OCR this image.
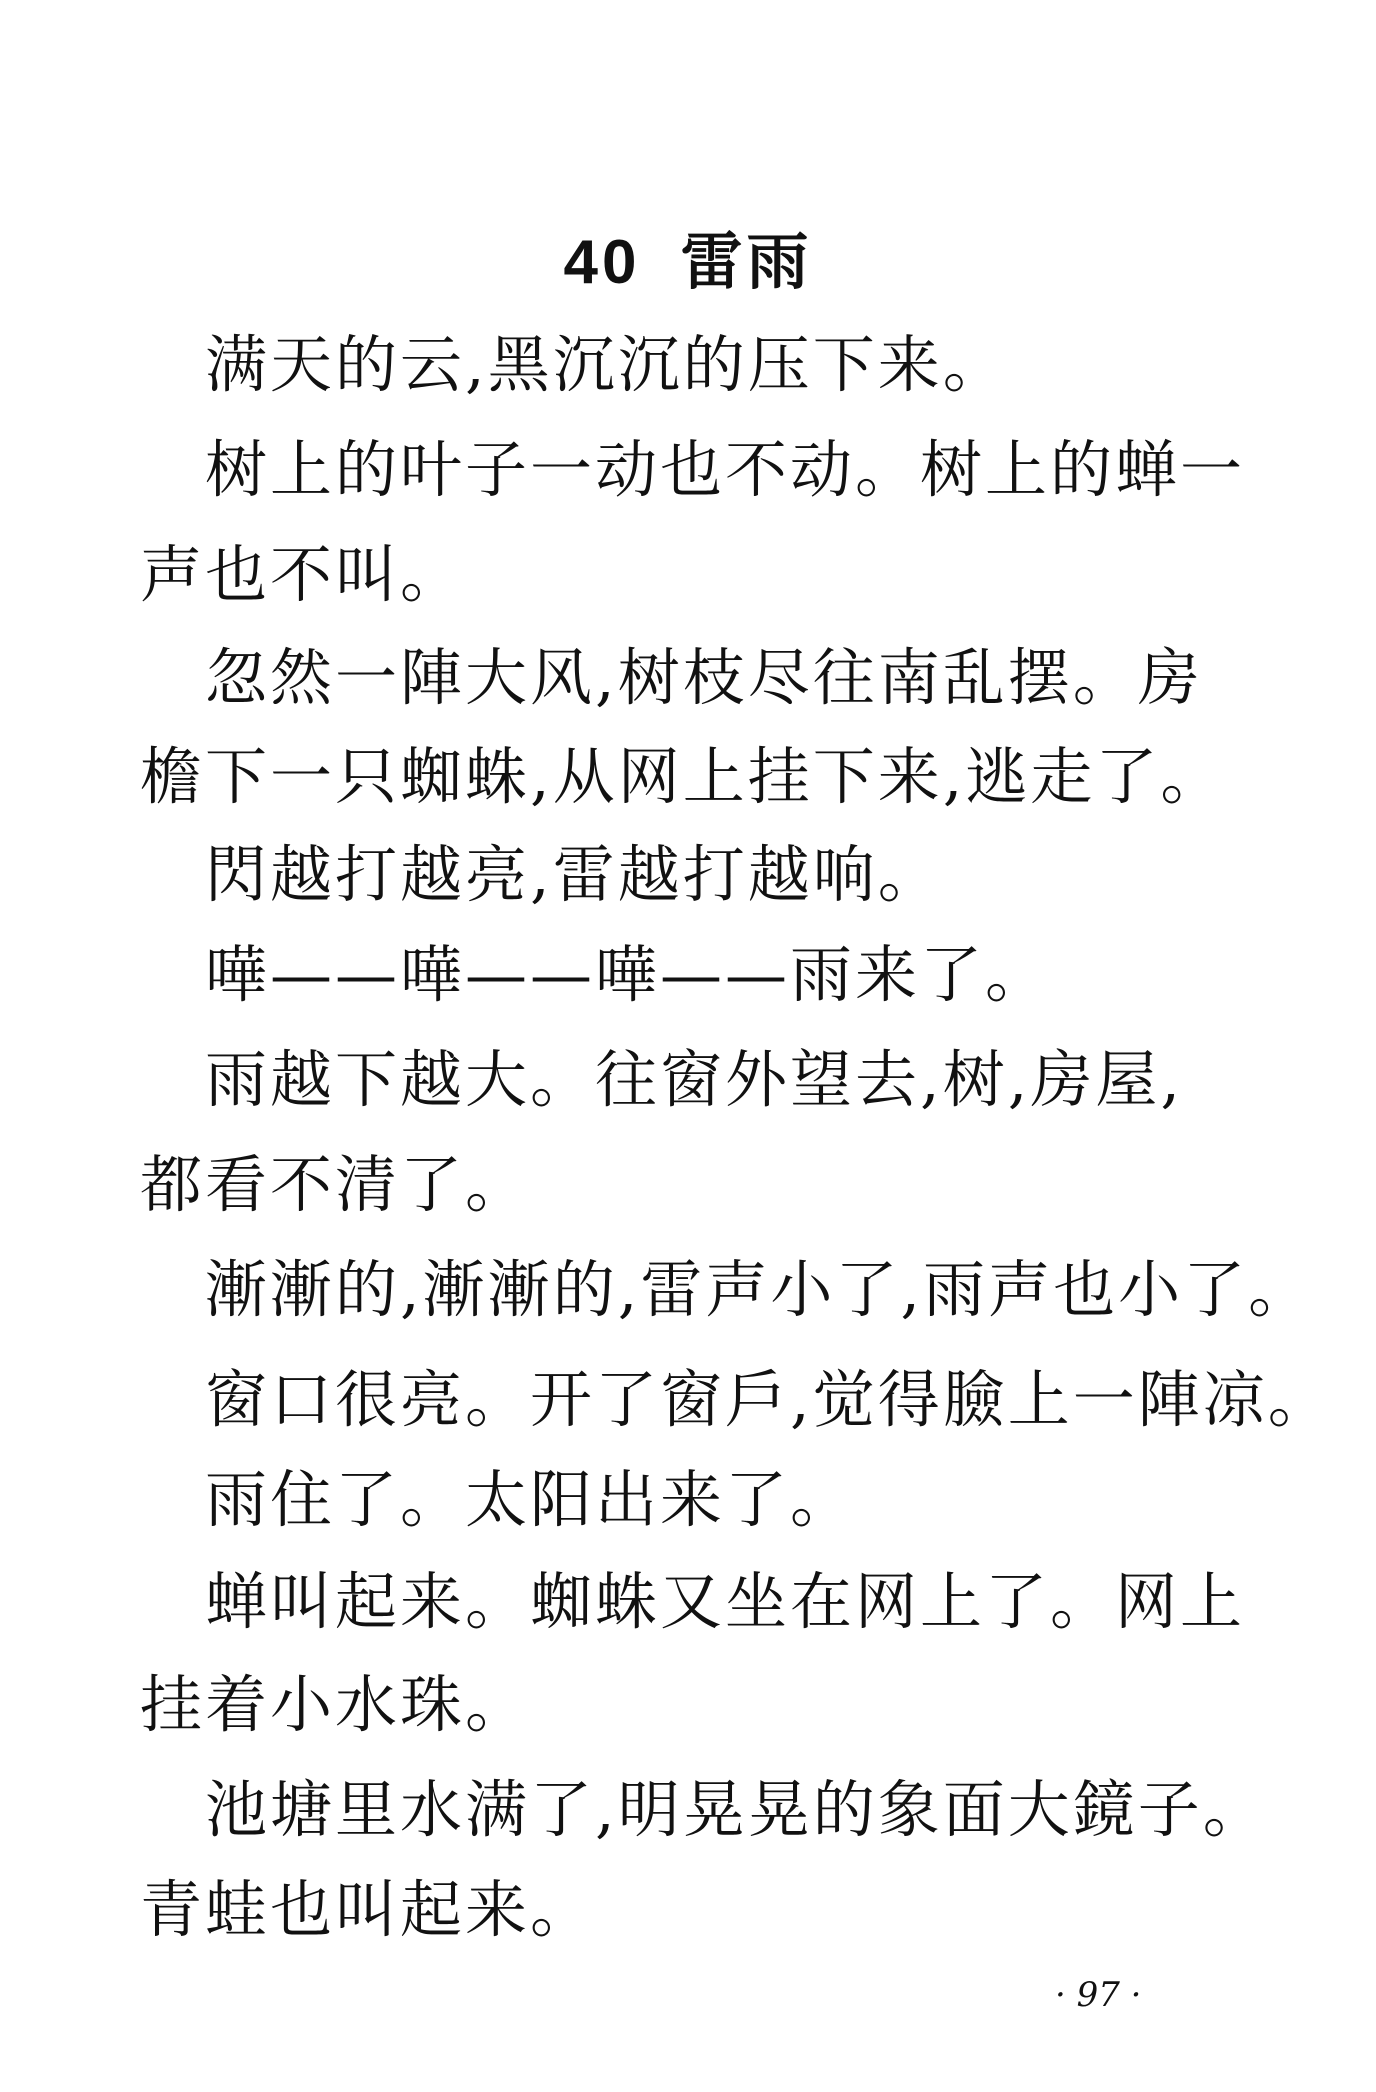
40 雷雨
满天的云,黑沉沉的压下来。
树上的叶子一动也不动。树上的蝉一
声也不叫。
忽然一陣大风,树枝尽往南乱摆。房
檐下一只蜘蛛,从网上挂下来,逃走了。
閃越打越亮,雷越打越响。
嘩——嘩——嘩——雨来了。
雨越下越大。往窗外望去,树,房屋,
都看不清了。
漸漸的,漸漸的,雷声小了,雨声也小了。
窗口很亮。开了窗戶,觉得臉上一陣凉。
雨住了。太阳出来了。
蝉叫起来。蜘蛛又坐在网上了。网上
挂着小水珠。
池塘里水满了,明晃晃的象面大鏡子。
青蛙也叫起来。
· 97 ·
